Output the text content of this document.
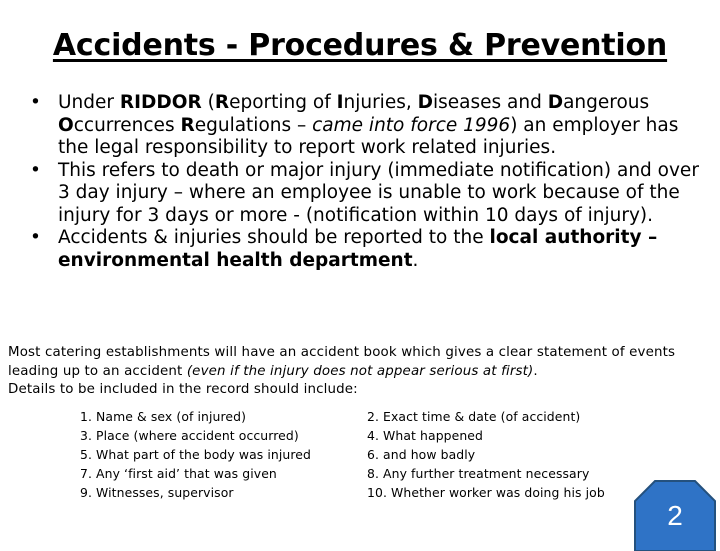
Accidents - Procedures & Prevention
• Under RIDDOR (Reporting of Injuries, Diseases and Dangerous Occurrences Regulations – came into force 1996) an employer has the legal responsibility to report work related injuries.
• This refers to death or major injury (immediate notification) and over 3 day injury – where an employee is unable to work because of the injury for 3 days or more - (notification within 10 days of injury).
• Accidents & injuries should be reported to the local authority – environmental health department.
Most catering establishments will have an accident book which gives a clear statement of events leading up to an accident (even if the injury does not appear serious at first).
Details to be included in the record should include:
1. Name & sex (of injured)
3. Place (where accident occurred)
5. What part of the body was injured
7. Any ‘first aid’ that was given
9. Witnesses, supervisor
2. Exact time & date (of accident)
4. What happened
6. and how badly
8. Any further treatment necessary
10. Whether worker was doing his job
2
